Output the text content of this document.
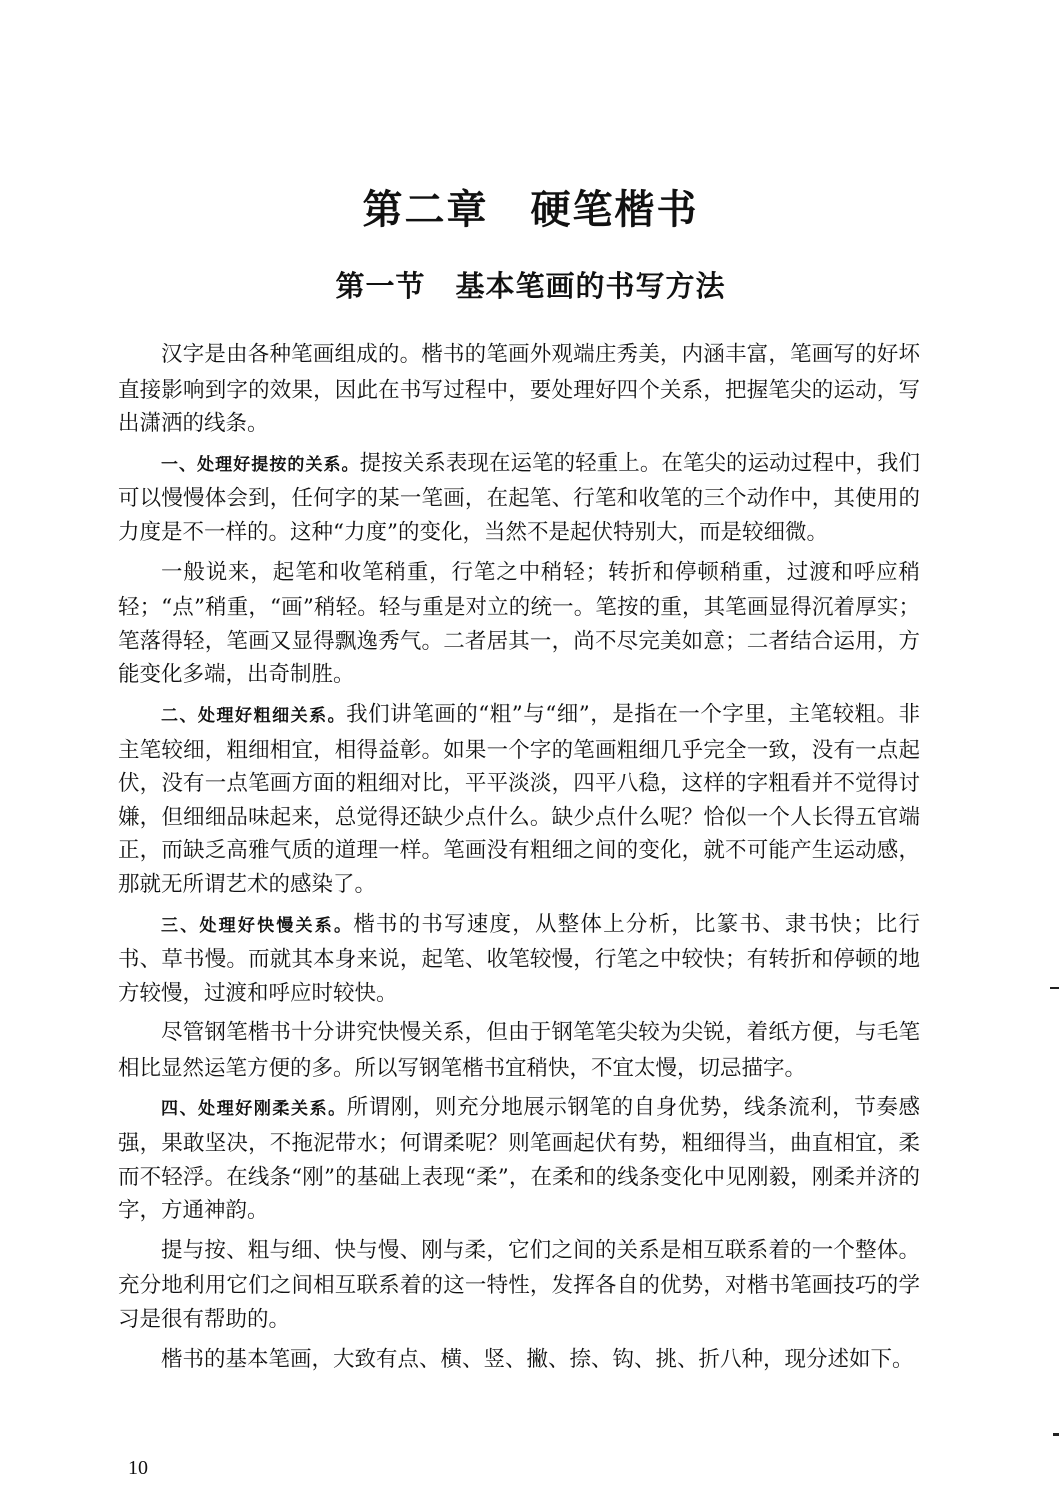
第二章　硬笔楷书
第一节　基本笔画的书写方法

汉字是由各种笔画组成的。楷书的笔画外观端庄秀美，内涵丰富，笔画写的好坏直接影响到字的效果，因此在书写过程中，要处理好四个关系，把握笔尖的运动，写出潇洒的线条。

一、处理好提按的关系。提按关系表现在运笔的轻重上。在笔尖的运动过程中，我们可以慢慢体会到，任何字的某一笔画，在起笔、行笔和收笔的三个动作中，其使用的力度是不一样的。这种“力度”的变化，当然不是起伏特别大，而是较细微。

一般说来，起笔和收笔稍重，行笔之中稍轻；转折和停顿稍重，过渡和呼应稍轻；“点”稍重，“画”稍轻。轻与重是对立的统一。笔按的重，其笔画显得沉着厚实；笔落得轻，笔画又显得飘逸秀气。二者居其一，尚不尽完美如意；二者结合运用，方能变化多端，出奇制胜。

二、处理好粗细关系。我们讲笔画的“粗”与“细”，是指在一个字里，主笔较粗。非主笔较细，粗细相宜，相得益彰。如果一个字的笔画粗细几乎完全一致，没有一点起伏，没有一点笔画方面的粗细对比，平平淡淡，四平八稳，这样的字粗看并不觉得讨嫌，但细细品味起来，总觉得还缺少点什么。缺少点什么呢？恰似一个人长得五官端正，而缺乏高雅气质的道理一样。笔画没有粗细之间的变化，就不可能产生运动感，那就无所谓艺术的感染了。

三、处理好快慢关系。楷书的书写速度，从整体上分析，比篆书、隶书快；比行书、草书慢。而就其本身来说，起笔、收笔较慢，行笔之中较快；有转折和停顿的地方较慢，过渡和呼应时较快。

尽管钢笔楷书十分讲究快慢关系，但由于钢笔笔尖较为尖锐，着纸方便，与毛笔相比显然运笔方便的多。所以写钢笔楷书宜稍快，不宜太慢，切忌描字。

四、处理好刚柔关系。所谓刚，则充分地展示钢笔的自身优势，线条流利，节奏感强，果敢坚决，不拖泥带水；何谓柔呢？则笔画起伏有势，粗细得当，曲直相宜，柔而不轻浮。在线条“刚”的基础上表现“柔”，在柔和的线条变化中见刚毅，刚柔并济的字，方通神韵。

提与按、粗与细、快与慢、刚与柔，它们之间的关系是相互联系着的一个整体。充分地利用它们之间相互联系着的这一特性，发挥各自的优势，对楷书笔画技巧的学习是很有帮助的。

楷书的基本笔画，大致有点、横、竖、撇、捺、钩、挑、折八种，现分述如下。

10
